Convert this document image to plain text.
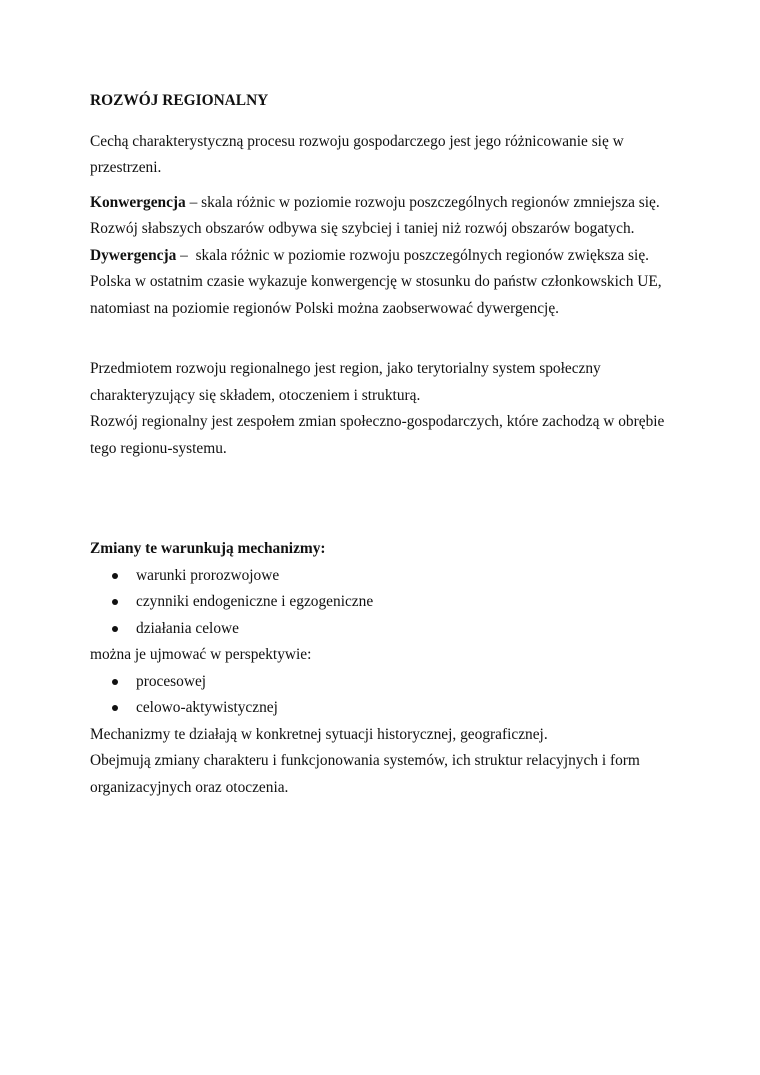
ROZWÓJ REGIONALNY

Cechą charakterystyczną procesu rozwoju gospodarczego jest jego różnicowanie się w

przestrzeni.

Konwergencja – skala różnic w poziomie rozwoju poszczególnych regionów zmniejsza się.

Rozwój słabszych obszarów odbywa się szybciej i taniej niż rozwój obszarów bogatych.

Dywergencja –  skala różnic w poziomie rozwoju poszczególnych regionów zwiększa się.

Polska w ostatnim czasie wykazuje konwergencję w stosunku do państw członkowskich UE,

natomiast na poziomie regionów Polski można zaobserwować dywergencję.

Przedmiotem rozwoju regionalnego jest region, jako terytorialny system społeczny

charakteryzujący się składem, otoczeniem i strukturą.

Rozwój regionalny jest zespołem zmian społeczno-gospodarczych, które zachodzą w obrębie

tego regionu-systemu.

Zmiany te warunkują mechanizmy:

warunki prorozwojowe
czynniki endogeniczne i egzogeniczne
działania celowe

można je ujmować w perspektywie:

procesowej
celowo-aktywistycznej

Mechanizmy te działają w konkretnej sytuacji historycznej, geograficznej.

Obejmują zmiany charakteru i funkcjonowania systemów, ich struktur relacyjnych i form

organizacyjnych oraz otoczenia.
